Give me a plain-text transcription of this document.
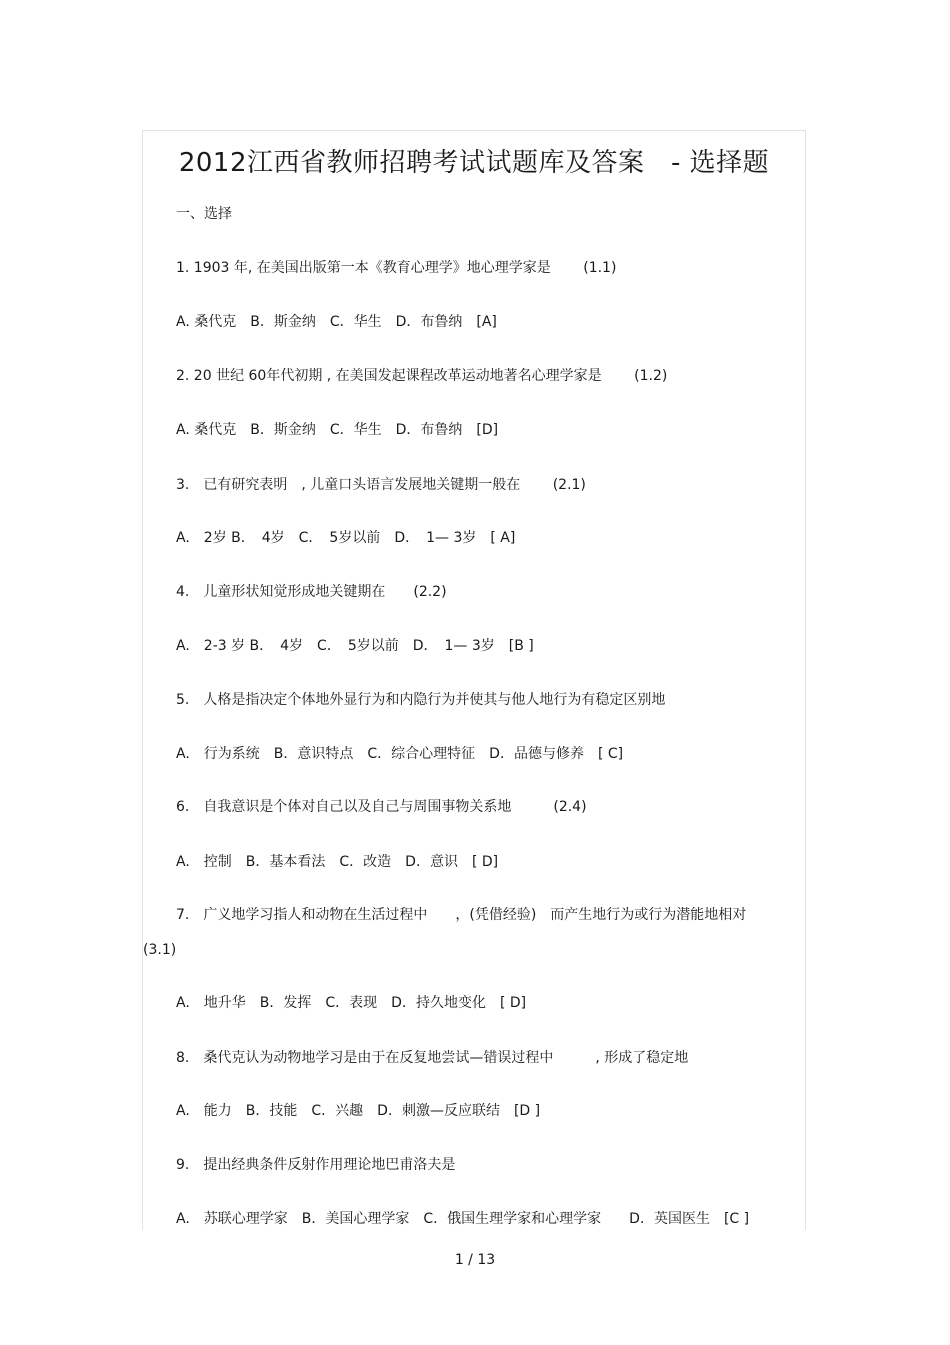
2012江西省教师招聘考试试题库及答案　- 选择题
一、选择
1. 1903 年, 在美国出版第一本《教育心理学》地心理学家是　　 (1.1)
A. 桑代克　B．斯金纳　C．华生　D．布鲁纳　[A]
2. 20 世纪 60年代初期 , 在美国发起课程改革运动地著名心理学家是　　 (1.2)
A. 桑代克　B．斯金纳　C．华生　D．布鲁纳　[D]
3.　已有研究表明　, 儿童口头语言发展地关键期一般在　　 (2.1)
A.　2岁 B．　4岁　C．　5岁以前　D．　1— 3岁　[ A]
4.　儿童形状知觉形成地关键期在　　(2.2)
A.　2-3 岁 B．　4岁　C．　5岁以前　D．　1— 3岁　[B ]
5.　人格是指决定个体地外显行为和内隐行为并使其与他人地行为有稳定区别地
A.　行为系统　B．意识特点　C．综合心理特征　D．品德与修养　[ C]
6.　自我意识是个体对自己以及自己与周围事物关系地　　　(2.4)
A.　控制　B．基本看法　C．改造　D．意识　[ D]
7.　广义地学习指人和动物在生活过程中　　，(凭借经验)　而产生地行为或行为潜能地相对
(3.1)
A.　地升华　B．发挥　C．表现　D．持久地变化　[ D]
8.　桑代克认为动物地学习是由于在反复地尝试—错误过程中　　　, 形成了稳定地
A.　能力　B．技能　C．兴趣　D．刺激—反应联结　[D ]
9.　提出经典条件反射作用理论地巴甫洛夫是
A.　苏联心理学家　B．美国心理学家　C．俄国生理学家和心理学家　　D．英国医生　[C ]
1 / 13
